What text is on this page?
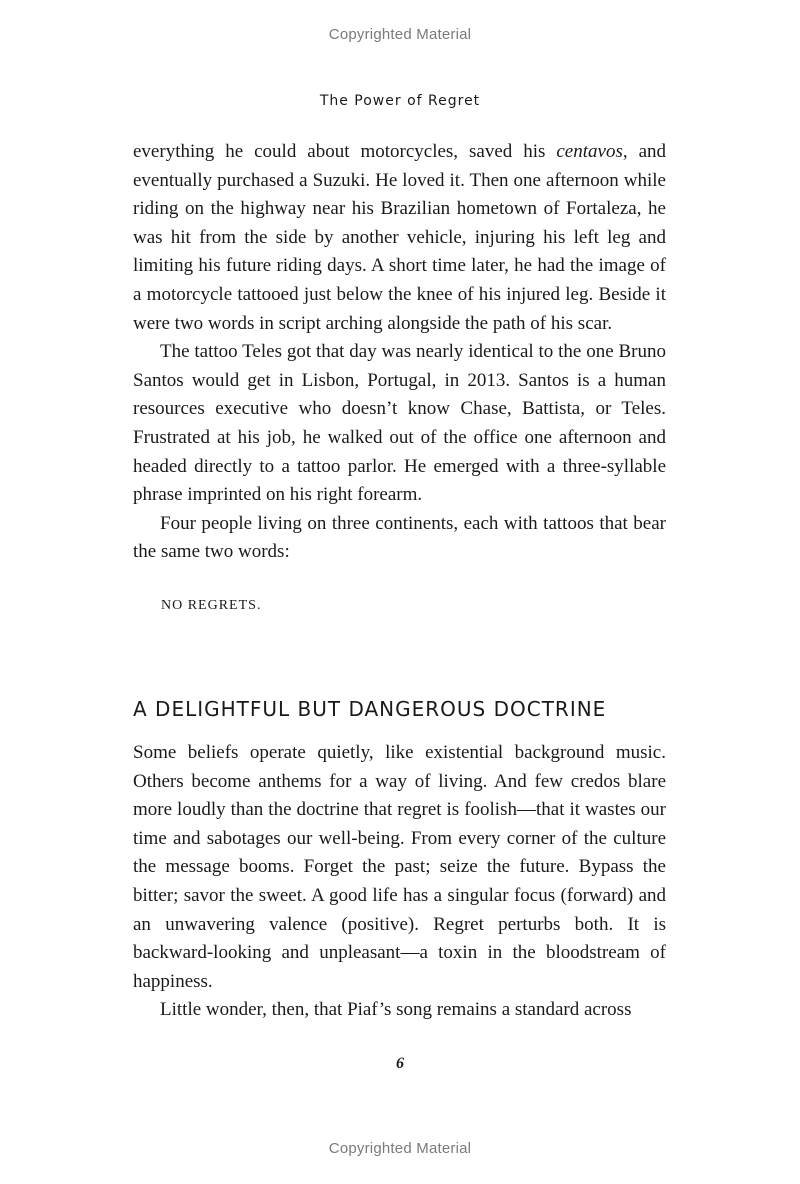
Copyrighted Material
The Power of Regret

everything he could about motorcycles, saved his centavos, and eventually purchased a Suzuki. He loved it. Then one afternoon while riding on the highway near his Brazilian hometown of Fortaleza, he was hit from the side by another vehicle, injuring his left leg and limiting his future riding days. A short time later, he had the image of a motorcycle tattooed just below the knee of his injured leg. Beside it were two words in script arching alongside the path of his scar.

The tattoo Teles got that day was nearly identical to the one Bruno Santos would get in Lisbon, Portugal, in 2013. Santos is a human resources executive who doesn’t know Chase, Battista, or Teles. Frustrated at his job, he walked out of the office one afternoon and headed directly to a tattoo parlor. He emerged with a three-syllable phrase imprinted on his right forearm.

Four people living on three continents, each with tattoos that bear the same two words:

NO REGRETS.
A DELIGHTFUL BUT DANGEROUS DOCTRINE

Some beliefs operate quietly, like existential background music. Others become anthems for a way of living. And few credos blare more loudly than the doctrine that regret is foolish—that it wastes our time and sabotages our well-being. From every corner of the culture the message booms. Forget the past; seize the future. Bypass the bitter; savor the sweet. A good life has a singular focus (forward) and an unwavering valence (positive). Regret perturbs both. It is backward-looking and unpleasant—a toxin in the bloodstream of happiness.

Little wonder, then, that Piaf’s song remains a standard across

6
Copyrighted Material
